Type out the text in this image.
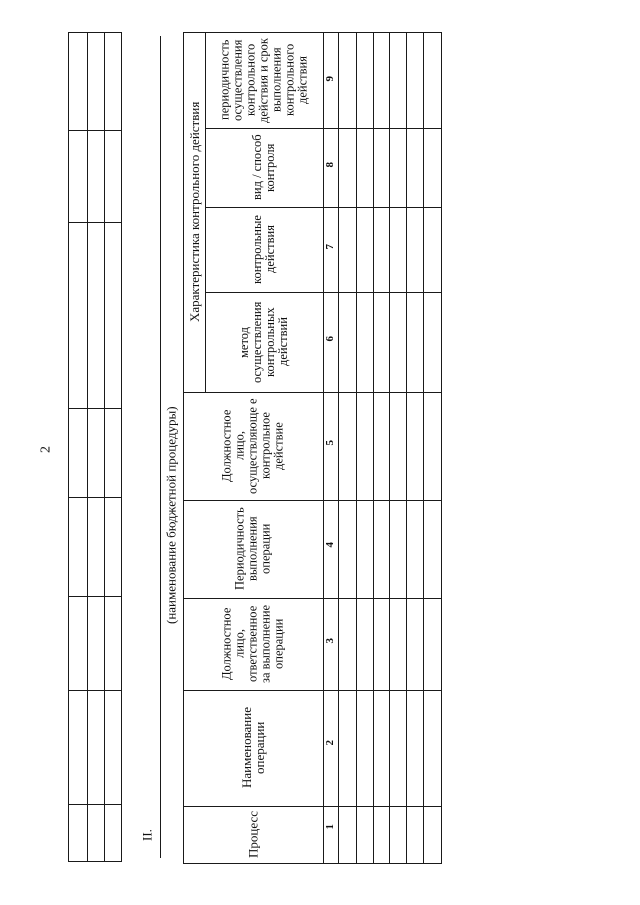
2
II.
(наименование бюджетной процедуры)
Характеристика контрольного действия
Процесс
Наименование операции
Должностное лицо, ответственное за выполнение операции
Периодичность выполнения операции
Должностное лицо, осуществляюще е контрольное действие
метод осуществления контрольных действий
контрольные действия
вид / способ контроля
периодичность осуществления контрольного действия и срок выполнения контрольного действия
1
2
3
4
5
6
7
8
9
